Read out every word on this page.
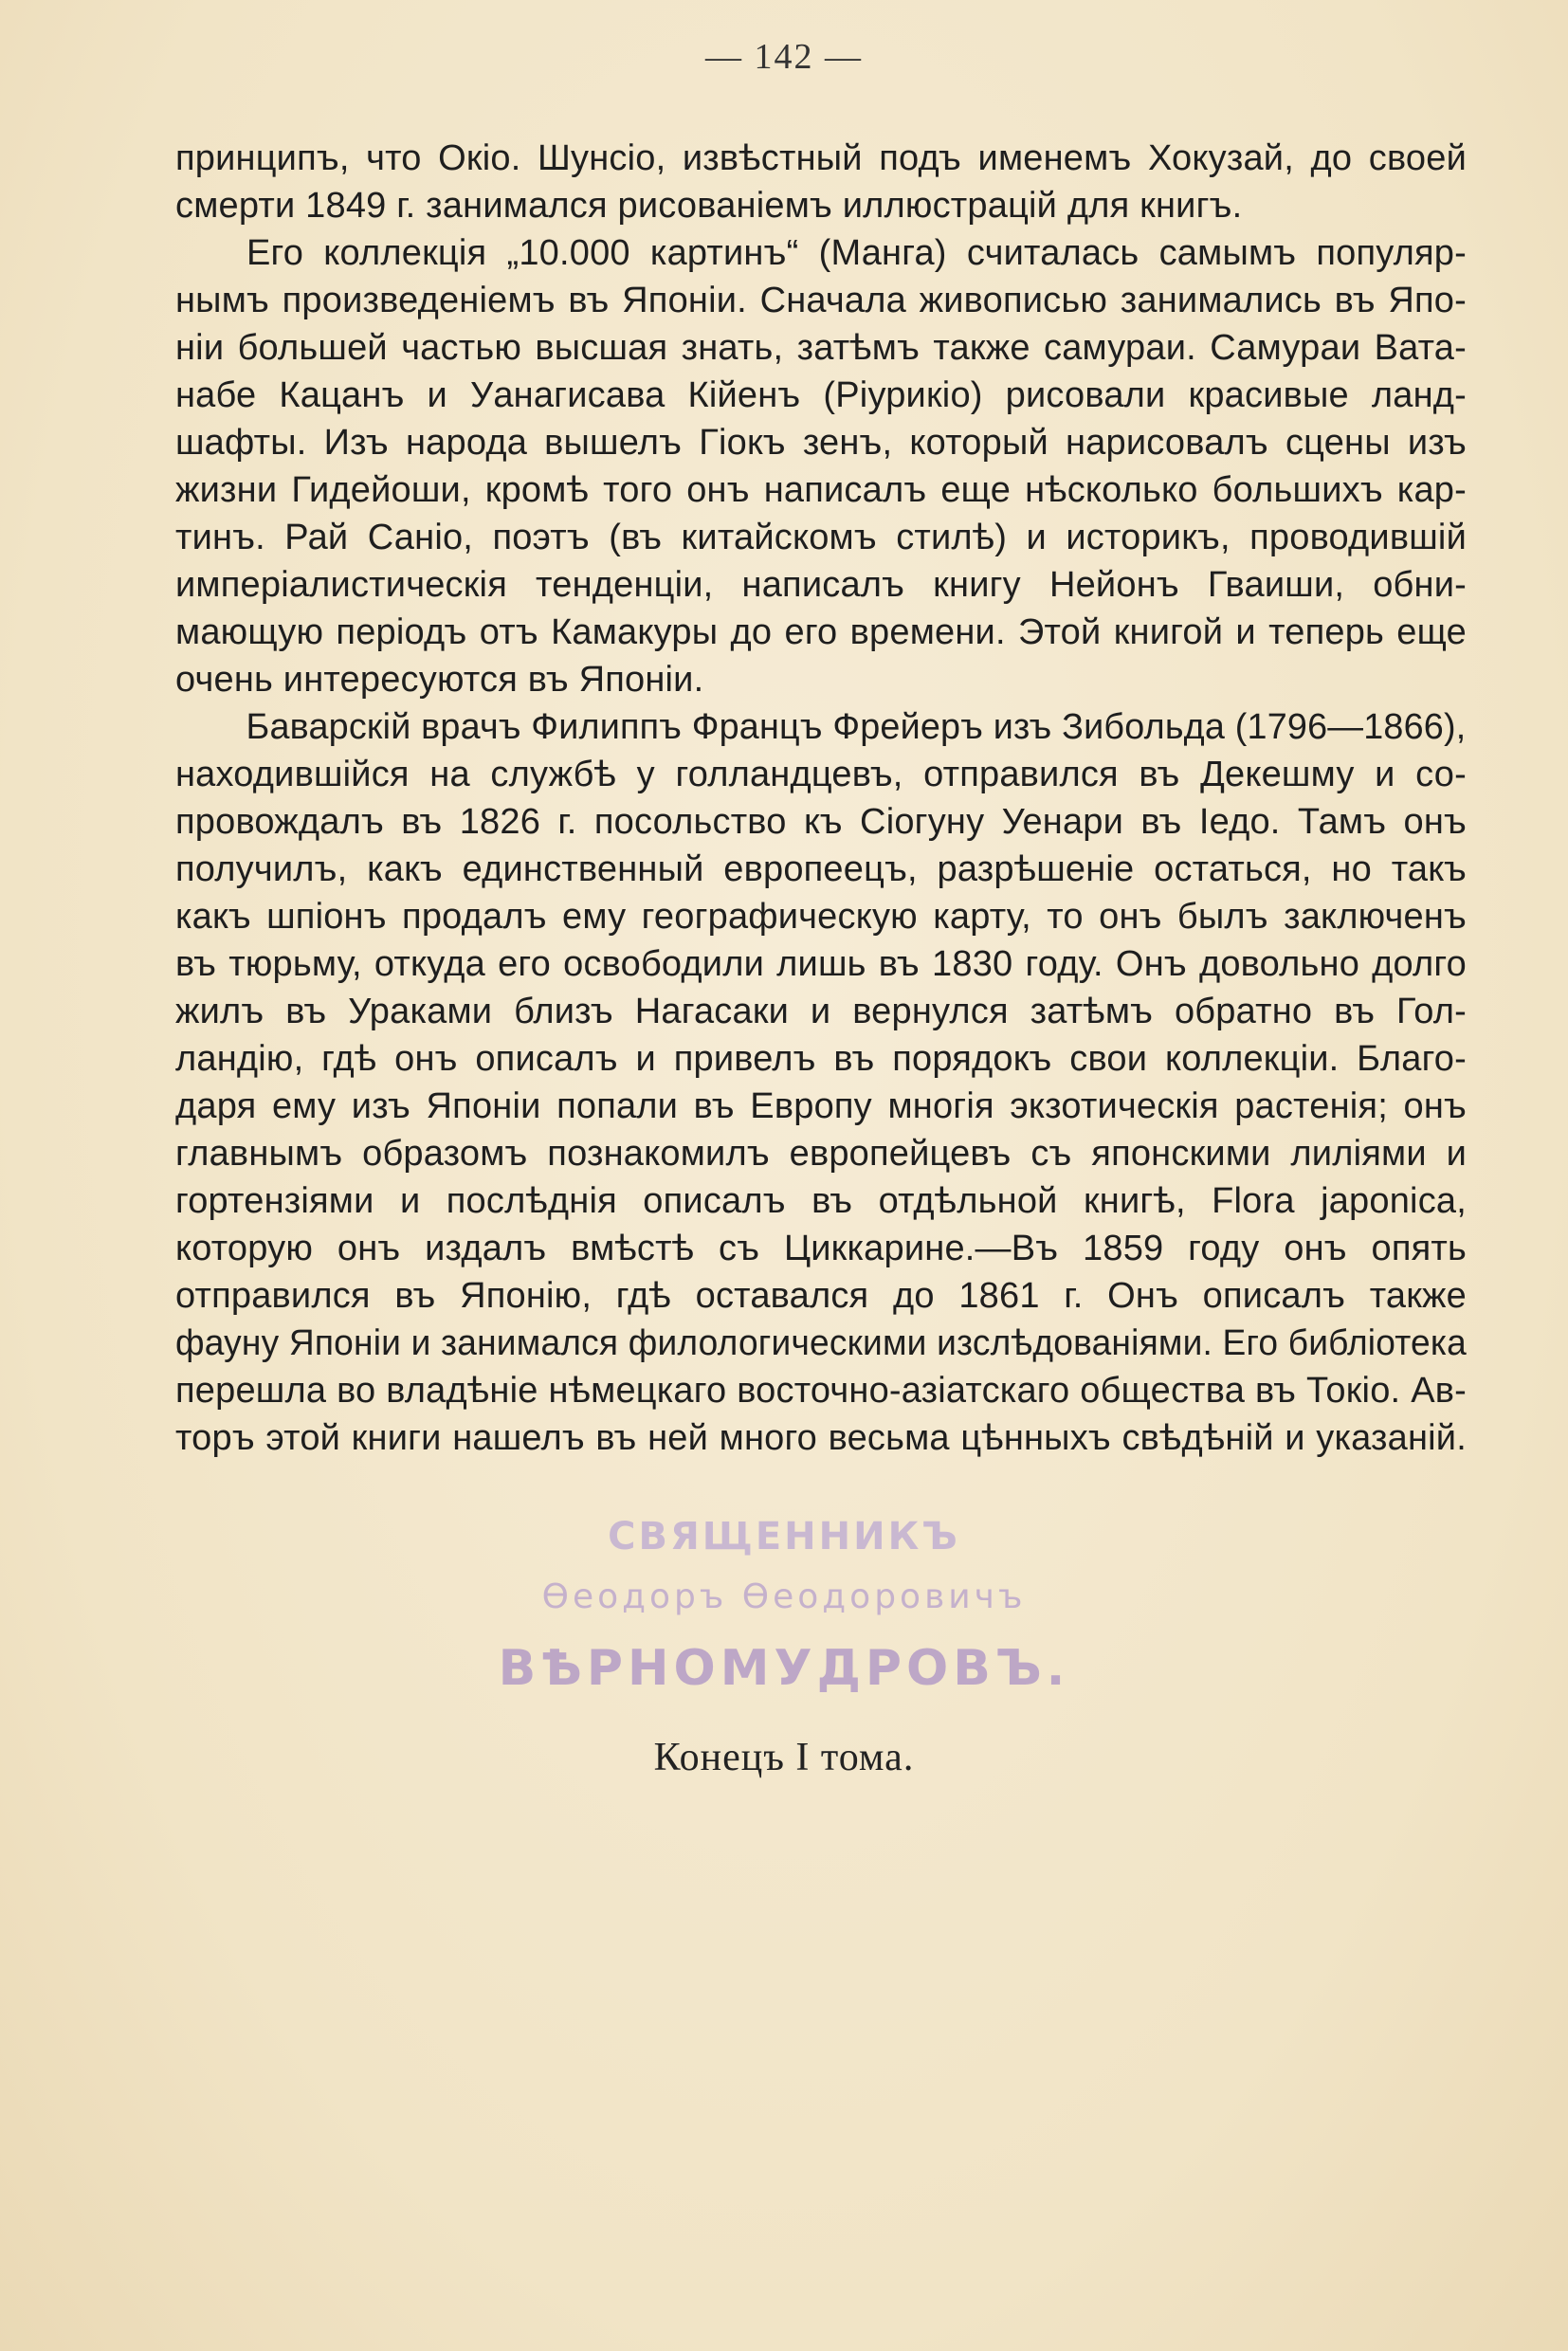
— 142 —
принципъ, что Окіо. Шунсіо, извѣстный подъ именемъ Хокузай, до своей
смерти 1849 г. занимался рисованіемъ иллюстрацій для книгъ.
Его коллекція „10.000 картинъ“ (Манга) считалась самымъ популяр-
нымъ произведеніемъ въ Японіи. Сначала живописью занимались въ Япо-
ніи большей частью высшая знать, затѣмъ также самураи. Самураи Вата-
набе Кацанъ и Уанагисава Кійенъ (Ріурикіо) рисовали красивые ланд-
шафты. Изъ народа вышелъ Гіокъ зенъ, который нарисовалъ сцены изъ
жизни Гидейоши, кромѣ того онъ написалъ еще нѣсколько большихъ кар-
тинъ. Рай Саніо, поэтъ (въ китайскомъ стилѣ) и историкъ, проводившій
имперіалистическія тенденціи, написалъ книгу Нейонъ Гваиши, обни-
мающую періодъ отъ Камакуры до его времени. Этой книгой и теперь еще
очень интересуются въ Японіи.
Баварскій врачъ Филиппъ Францъ Фрейеръ изъ Зибольда (1796—1866),
находившійся на службѣ у голландцевъ, отправился въ Декешму и со-
провождалъ въ 1826 г. посольство къ Сіогуну Уенари въ Іедо. Тамъ онъ
получилъ, какъ единственный европеецъ, разрѣшеніе остаться, но такъ
какъ шпіонъ продалъ ему географическую карту, то онъ былъ заключенъ
въ тюрьму, откуда его освободили лишь въ 1830 году. Онъ довольно долго
жилъ въ Ураками близъ Нагасаки и вернулся затѣмъ обратно въ Гол-
ландію, гдѣ онъ описалъ и привелъ въ порядокъ свои коллекціи. Благо-
даря ему изъ Японіи попали въ Европу многія экзотическія растенія; онъ
главнымъ образомъ познакомилъ европейцевъ съ японскими лиліями и
гортензіями и послѣднія описалъ въ отдѣльной книгѣ, Flora japonica,
которую онъ издалъ вмѣстѣ съ Циккарине.—Въ 1859 году онъ опять
отправился въ Японію, гдѣ оставался до 1861 г. Онъ описалъ также
фауну Японіи и занимался филологическими изслѣдованіями. Его библіотека
перешла во владѣніе нѣмецкаго восточно-азіатскаго общества въ Токіо. Ав-
торъ этой книги нашелъ въ ней много весьма цѣнныхъ свѣдѣній и указаній.
СВЯЩЕННИКЪ
Ѳеодоръ Ѳеодоровичъ
ВѢРНОМУДРОВЪ.
Конецъ I тома.
